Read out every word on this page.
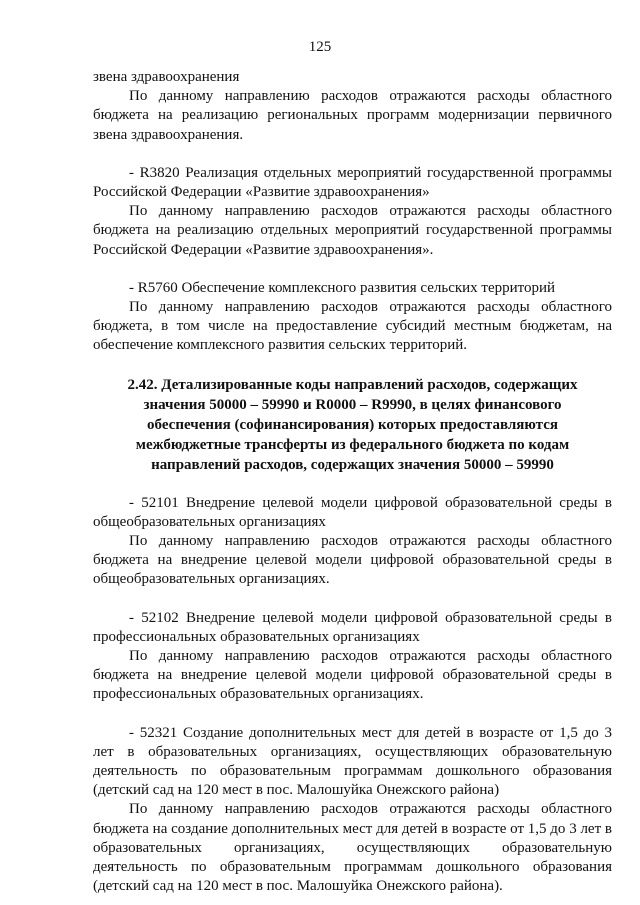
125

звена здравоохранения

По данному направлению расходов отражаются расходы областного бюджета на реализацию региональных программ модернизации первичного звена здравоохранения.

- R3820 Реализация отдельных мероприятий государственной программы Российской Федерации «Развитие здравоохранения»

По данному направлению расходов отражаются расходы областного бюджета на реализацию отдельных мероприятий государственной программы Российской Федерации «Развитие здравоохранения».

- R5760 Обеспечение комплексного развития сельских территорий

По данному направлению расходов отражаются расходы областного бюджета, в том числе на предоставление субсидий местным бюджетам, на обеспечение комплексного развития сельских территорий.

2.42. Детализированные коды направлений расходов, содержащих значения 50000 – 59990 и R0000 – R9990, в целях финансового обеспечения (софинансирования) которых предоставляются межбюджетные трансферты из федерального бюджета по кодам направлений расходов, содержащих значения 50000 – 59990

- 52101 Внедрение целевой модели цифровой образовательной среды в общеобразовательных организациях

По данному направлению расходов отражаются расходы областного бюджета на внедрение целевой модели цифровой образовательной среды в общеобразовательных организациях.

- 52102 Внедрение целевой модели цифровой образовательной среды в профессиональных образовательных организациях

По данному направлению расходов отражаются расходы областного бюджета на внедрение целевой модели цифровой образовательной среды в профессиональных образовательных организациях.

- 52321 Создание дополнительных мест для детей в возрасте от 1,5 до 3 лет в образовательных организациях, осуществляющих образовательную деятельность по образовательным программам дошкольного образования (детский сад на 120 мест в пос. Малошуйка Онежского района)

По данному направлению расходов отражаются расходы областного бюджета на создание дополнительных мест для детей в возрасте от 1,5 до 3 лет в образовательных организациях, осуществляющих образовательную деятельность по образовательным программам дошкольного образования (детский сад на 120 мест в пос. Малошуйка Онежского района).
